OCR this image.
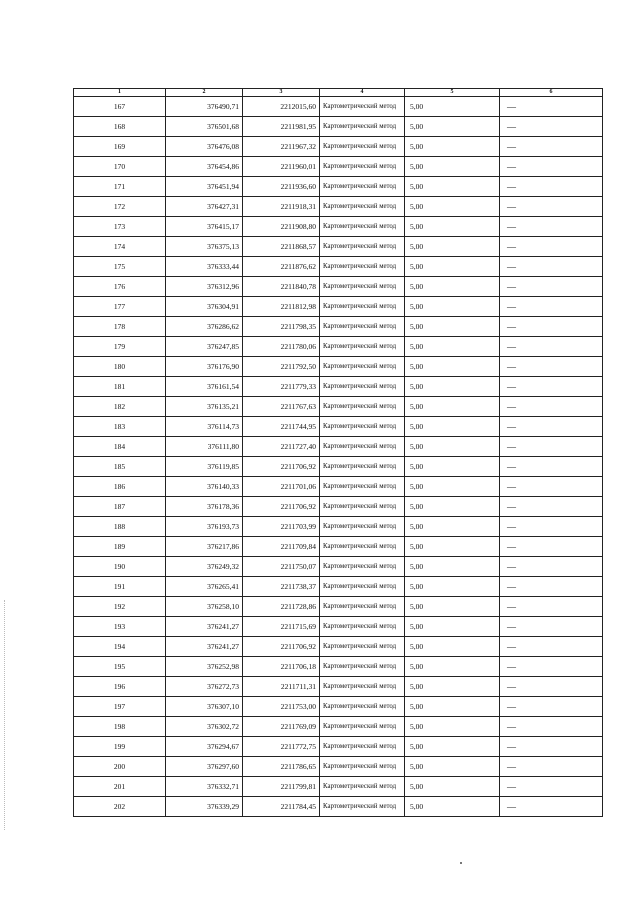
1	2	3	4	5	6
167	376490,71	2212015,60	Картометрический метод	5,00	—
168	376501,68	2211981,95	Картометрический метод	5,00	—
169	376476,08	2211967,32	Картометрический метод	5,00	—
170	376454,86	2211960,01	Картометрический метод	5,00	—
171	376451,94	2211936,60	Картометрический метод	5,00	—
172	376427,31	2211918,31	Картометрический метод	5,00	—
173	376415,17	2211908,80	Картометрический метод	5,00	—
174	376375,13	2211868,57	Картометрический метод	5,00	—
175	376333,44	2211876,62	Картометрический метод	5,00	—
176	376312,96	2211840,78	Картометрический метод	5,00	—
177	376304,91	2211812,98	Картометрический метод	5,00	—
178	376286,62	2211798,35	Картометрический метод	5,00	—
179	376247,85	2211780,06	Картометрический метод	5,00	—
180	376176,90	2211792,50	Картометрический метод	5,00	—
181	376161,54	2211779,33	Картометрический метод	5,00	—
182	376135,21	2211767,63	Картометрический метод	5,00	—
183	376114,73	2211744,95	Картометрический метод	5,00	—
184	376111,80	2211727,40	Картометрический метод	5,00	—
185	376119,85	2211706,92	Картометрический метод	5,00	—
186	376140,33	2211701,06	Картометрический метод	5,00	—
187	376178,36	2211706,92	Картометрический метод	5,00	—
188	376193,73	2211703,99	Картометрический метод	5,00	—
189	376217,86	2211709,84	Картометрический метод	5,00	—
190	376249,32	2211750,07	Картометрический метод	5,00	—
191	376265,41	2211738,37	Картометрический метод	5,00	—
192	376258,10	2211728,86	Картометрический метод	5,00	—
193	376241,27	2211715,69	Картометрический метод	5,00	—
194	376241,27	2211706,92	Картометрический метод	5,00	—
195	376252,98	2211706,18	Картометрический метод	5,00	—
196	376272,73	2211711,31	Картометрический метод	5,00	—
197	376307,10	2211753,00	Картометрический метод	5,00	—
198	376302,72	2211769,09	Картометрический метод	5,00	—
199	376294,67	2211772,75	Картометрический метод	5,00	—
200	376297,60	2211786,65	Картометрический метод	5,00	—
201	376332,71	2211799,81	Картометрический метод	5,00	—
202	376339,29	2211784,45	Картометрический метод	5,00	—
